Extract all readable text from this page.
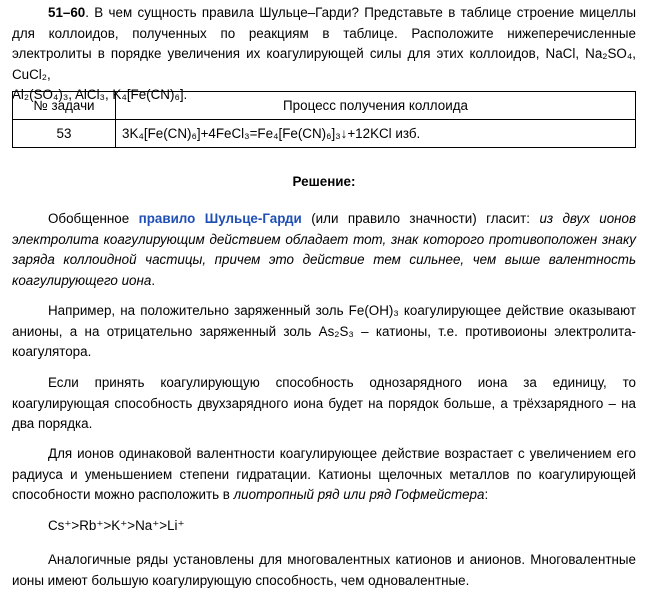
51–60. В чем сущность правила Шульце–Гарди? Представьте в таблице строение мицеллы
для коллоидов, полученных по реакциям в таблице. Расположите нижеперечисленные
электролиты в порядке увеличения их коагулирующей силы для этих коллоидов, NaCl, Na₂SO₄, CuCl₂,
Al₂(SO₄)₃, AlCl₃, K₄[Fe(CN)₆].
№ задачи	Процесс получения коллоида
53	3K₄[Fe(CN)₆]+4FeCl₃=Fe₄[Fe(CN)₆]₃↓+12KCl изб.
Решение:
Обобщенное правило Шульце-Гарди (или правило значности) гласит: из двух ионов
электролита коагулирующим действием обладает тот, знак которого противоположен знаку
заряда коллоидной частицы, причем это действие тем сильнее, чем выше валентность
коагулирующего иона.
Например, на положительно заряженный золь Fe(OH)₃ коагулирующее действие оказывают
анионы, а на отрицательно заряженный золь As₂S₃ – катионы, т.е. противоионы электролита-
коагулятора.
Если принять коагулирующую способность однозарядного иона за единицу, то
коагулирующая способность двухзарядного иона будет на порядок больше, а трёхзарядного – на
два порядка.
Для ионов одинаковой валентности коагулирующее действие возрастает с увеличением его
радиуса и уменьшением степени гидратации. Катионы щелочных металлов по коагулирующей
способности можно расположить в лиотропный ряд или ряд Гофмейстера:
Cs⁺>Rb⁺>K⁺>Na⁺>Li⁺
Аналогичные ряды установлены для многовалентных катионов и анионов. Многовалентные
ионы имеют большую коагулирующую способность, чем одновалентные.
